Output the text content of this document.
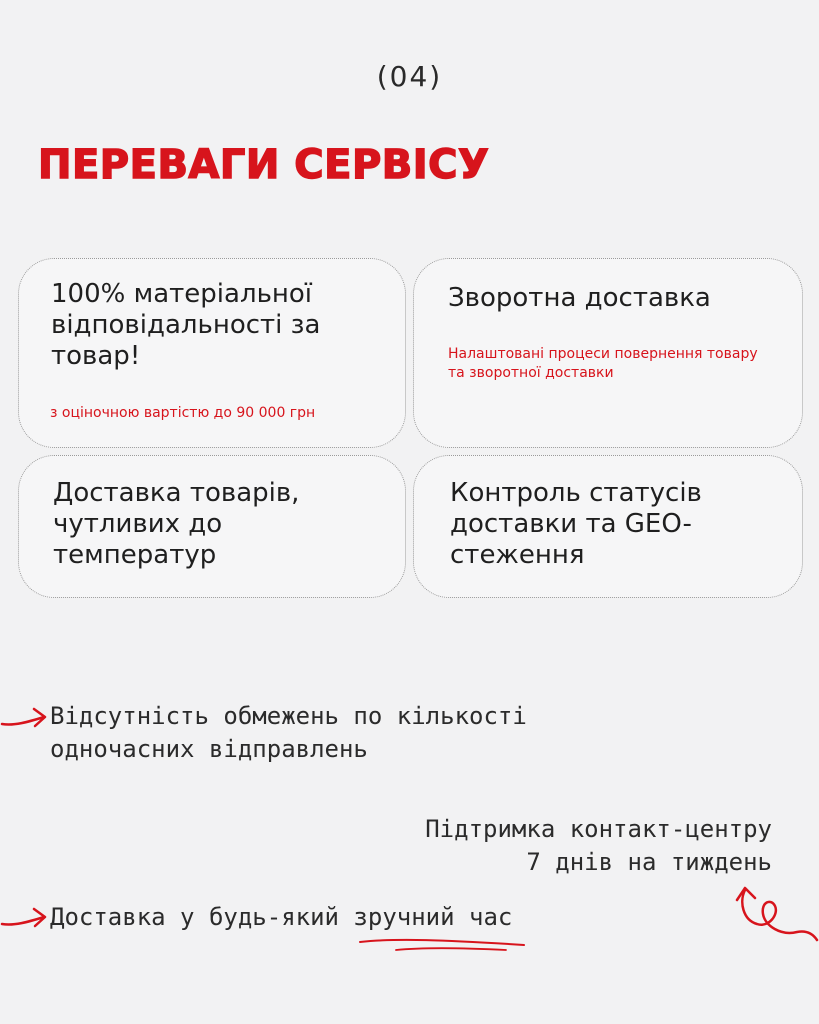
(04)
ПЕРЕВАГИ СЕРВІСУ
100% матеріальної відповідальності за товар!
Зворотна доставка
Налаштовані процеси повернення товару та зворотної доставки
Доставка товарів, чутливих до температур
Контроль статусів доставки та GEO-стеження
з оціночною вартістю до 90 000 грн
Відсутність обмежень по кількості
одночасних відправлень
Підтримка контакт-центру
7 днів на тиждень
Доставка у будь-який зручний час
